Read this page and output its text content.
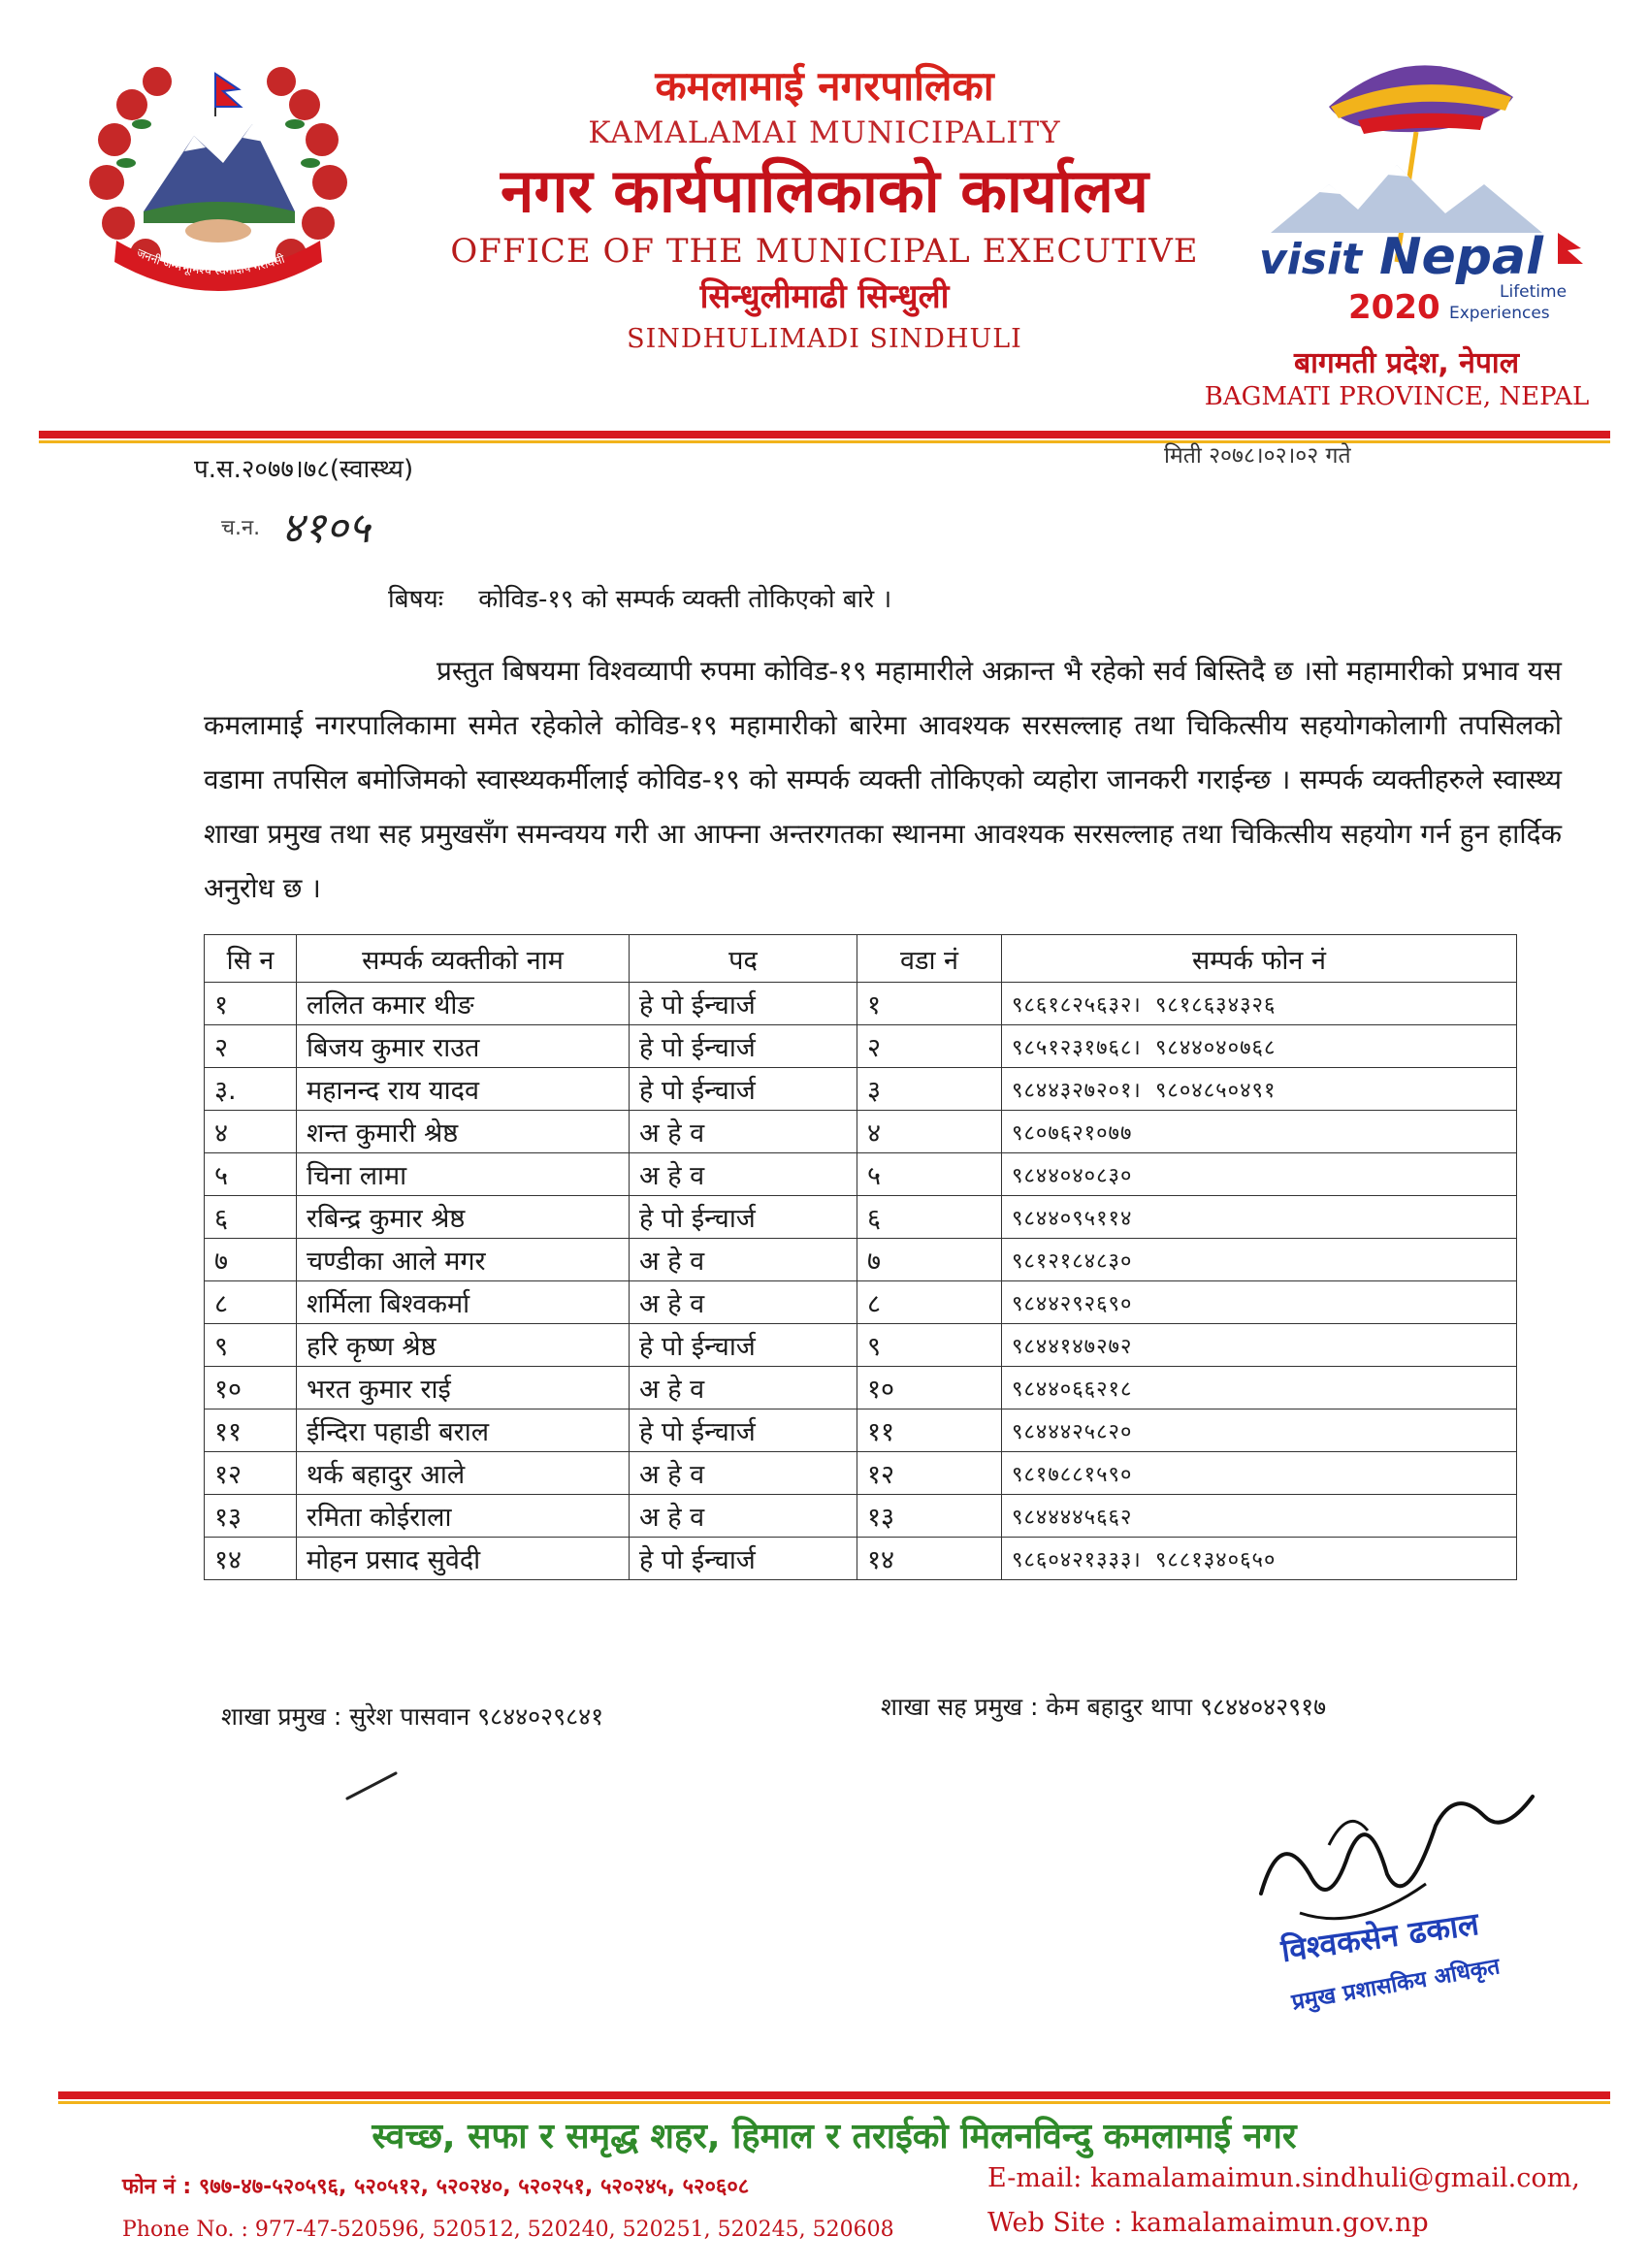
जननी जन्मभूमिश्च स्वर्गादपि गरीयसी
कमलामाई नगरपालिका
KAMALAMAI MUNICIPALITY
नगर कार्यपालिकाको कार्यालय
OFFICE OF THE MUNICIPAL EXECUTIVE
सिन्धुलीमाढी सिन्धुली
SINDHULIMADI SINDHULI
visit Nepal
2020	Lifetime
Experiences
बागमती प्रदेश, नेपाल
BAGMATI PROVINCE, NEPAL
प.स.२०७७।७८(स्वास्थ्य)	मिती २०७८।०२।०२ गते
च.न. ४१०५
बिषयः कोविड-१९ को सम्पर्क व्यक्ती तोकिएको बारे ।
प्रस्तुत बिषयमा विश्वव्यापी रुपमा कोविड-१९ महामारीले अक्रान्त भै रहेको सर्व बिस्तिदै छ ।सो महामारीको प्रभाव यस कमलामाई नगरपालिकामा समेत रहेकोले कोविड-१९ महामारीको बारेमा आवश्यक सरसल्लाह तथा चिकित्सीय सहयोगकोलागी तपसिलको वडामा तपसिल बमोजिमको स्वास्थ्यकर्मीलाई कोविड-१९ को सम्पर्क व्यक्ती तोकिएको व्यहोरा जानकरी गराईन्छ । सम्पर्क व्यक्तीहरुले स्वास्थ्य शाखा प्रमुख तथा सह प्रमुखसँग समन्वयय गरी आ आफ्ना अन्तरगतका स्थानमा आवश्यक सरसल्लाह तथा चिकित्सीय सहयोग गर्न हुन हार्दिक अनुरोध छ ।
सि न	सम्पर्क व्यक्तीको नाम	पद	वडा नं	सम्पर्क फोन नं
१	ललित कमार थीङ	हे पो ईन्चार्ज	१	९८६१८२५६३२। ९८१८६३४३२६
२	बिजय कुमार राउत	हे पो ईन्चार्ज	२	९८५१२३१७६८। ९८४४०४०७६८
३.	महानन्द राय यादव	हे पो ईन्चार्ज	३	९८४४३२७२०१। ९८०४८५०४९१
४	शन्त कुमारी श्रेष्ठ	अ हे व	४	९८०७६२१०७७
५	चिना लामा	अ हे व	५	९८४४०४०८३०
६	रबिन्द्र कुमार श्रेष्ठ	हे पो ईन्चार्ज	६	९८४४०९५११४
७	चण्डीका आले मगर	अ हे व	७	९८१२१८४८३०
८	शर्मिला बिश्वकर्मा	अ हे व	८	९८४४२९२६९०
९	हरि कृष्ण श्रेष्ठ	हे पो ईन्चार्ज	९	९८४४१४७२७२
१०	भरत कुमार राई	अ हे व	१०	९८४४०६६२१८
११	ईन्दिरा पहाडी बराल	हे पो ईन्चार्ज	११	९८४४४२५८२०
१२	थर्क बहादुर आले	अ हे व	१२	९८१७८८१५९०
१३	रमिता कोईराला	अ हे व	१३	९८४४४४५६६२
१४	मोहन प्रसाद सुवेदी	हे पो ईन्चार्ज	१४	९८६०४२१३३३। ९८८१३४०६५०
शाखा प्रमुख : सुरेश पासवान ९८४४०२९८४१	शाखा सह प्रमुख : केम बहादुर थापा ९८४४०४२९१७
विश्वकसेन ढकाल
प्रमुख प्रशासकिय अधिकृत
स्वच्छ, सफा र समृद्ध शहर, हिमाल र तराईको मिलनविन्दु कमलामाई नगर
फोन नं : ९७७-४७-५२०५९६, ५२०५१२, ५२०२४०, ५२०२५१, ५२०२४५, ५२०६०८
Phone No. : 977-47-520596, 520512, 520240, 520251, 520245, 520608
E-mail: kamalamaimun.sindhuli@gmail.com,
Web Site : kamalamaimun.gov.np
